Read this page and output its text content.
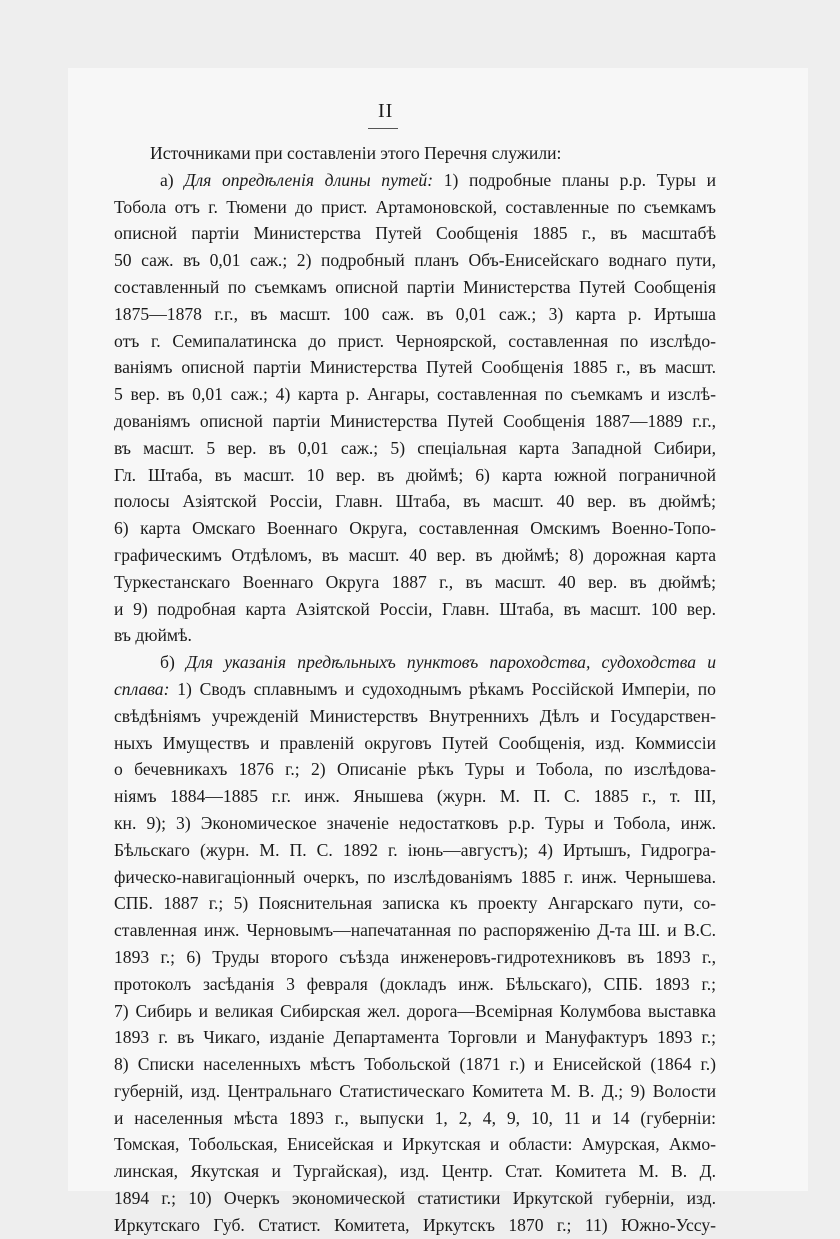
II
Источниками при составленіи этого Перечня служили:
а) Для опредѣленія длины путей: 1) подробные планы р.р. Туры и
Тобола отъ г. Тюмени до прист. Артамоновской, составленные по съемкамъ
описной партіи Министерства Путей Сообщенія 1885 г., въ масштабѣ
50 саж. въ 0,01 саж.; 2) подробный планъ Объ-Енисейскаго воднаго пути,
составленный по съемкамъ описной партіи Министерства Путей Сообщенія
1875—1878 г.г., въ масшт. 100 саж. въ 0,01 саж.; 3) карта р. Иртыша
отъ г. Семипалатинска до прист. Черноярской, составленная по изслѣдо-
ваніямъ описной партіи Министерства Путей Сообщенія 1885 г., въ масшт.
5 вер. въ 0,01 саж.; 4) карта р. Ангары, составленная по съемкамъ и изслѣ-
дованіямъ описной партіи Министерства Путей Сообщенія 1887—1889 г.г.,
въ масшт. 5 вер. въ 0,01 саж.; 5) спеціальная карта Западной Сибири,
Гл. Штаба, въ масшт. 10 вер. въ дюймѣ; 6) карта южной пограничной
полосы Азіятской Россіи, Главн. Штаба, въ масшт. 40 вер. въ дюймѣ;
6) карта Омскаго Военнаго Округа, составленная Омскимъ Военно-Топо-
графическимъ Отдѣломъ, въ масшт. 40 вер. въ дюймѣ; 8) дорожная карта
Туркестанскаго Военнаго Округа 1887 г., въ масшт. 40 вер. въ дюймѣ;
и 9) подробная карта Азіятской Россіи, Главн. Штаба, въ масшт. 100 вер.
въ дюймѣ.
б) Для указанія предѣльныхъ пунктовъ пароходства, судоходства и
сплава: 1) Сводъ сплавнымъ и судоходнымъ рѣкамъ Россійской Имперіи, по
свѣдѣніямъ учрежденій Министерствъ Внутреннихъ Дѣлъ и Государствен-
ныхъ Имуществъ и правленій округовъ Путей Сообщенія, изд. Коммиссіи
о бечевникахъ 1876 г.; 2) Описаніе рѣкъ Туры и Тобола, по изслѣдова-
ніямъ 1884—1885 г.г. инж. Янышева (журн. М. П. С. 1885 г., т. III,
кн. 9); 3) Экономическое значеніе недостатковъ р.р. Туры и Тобола, инж.
Бѣльскаго (журн. М. П. С. 1892 г. іюнь—августъ); 4) Иртышъ, Гидрогра-
фическо-навигаціонный очеркъ, по изслѣдованіямъ 1885 г. инж. Чернышева.
СПБ. 1887 г.; 5) Пояснительная записка къ проекту Ангарскаго пути, со-
ставленная инж. Черновымъ—напечатанная по распоряженію Д-та Ш. и В.С.
1893 г.; 6) Труды второго съѣзда инженеровъ-гидротехниковъ въ 1893 г.,
протоколъ засѣданія 3 февраля (докладъ инж. Бѣльскаго), СПБ. 1893 г.;
7) Сибирь и великая Сибирская жел. дорога—Всемірная Колумбова выставка
1893 г. въ Чикаго, изданіе Департамента Торговли и Мануфактуръ 1893 г.;
8) Списки населенныхъ мѣстъ Тобольской (1871 г.) и Енисейской (1864 г.)
губерній, изд. Центральнаго Статистическаго Комитета М. В. Д.; 9) Волости
и населенныя мѣста 1893 г., выпуски 1, 2, 4, 9, 10, 11 и 14 (губерніи:
Томская, Тобольская, Енисейская и Иркутская и области: Амурская, Акмо-
линская, Якутская и Тургайская), изд. Центр. Стат. Комитета М. В. Д.
1894 г.; 10) Очеркъ экономической статистики Иркутской губерніи, изд.
Иркутскаго Губ. Статист. Комитета, Иркутскъ 1870 г.; 11) Южно-Уссу-
